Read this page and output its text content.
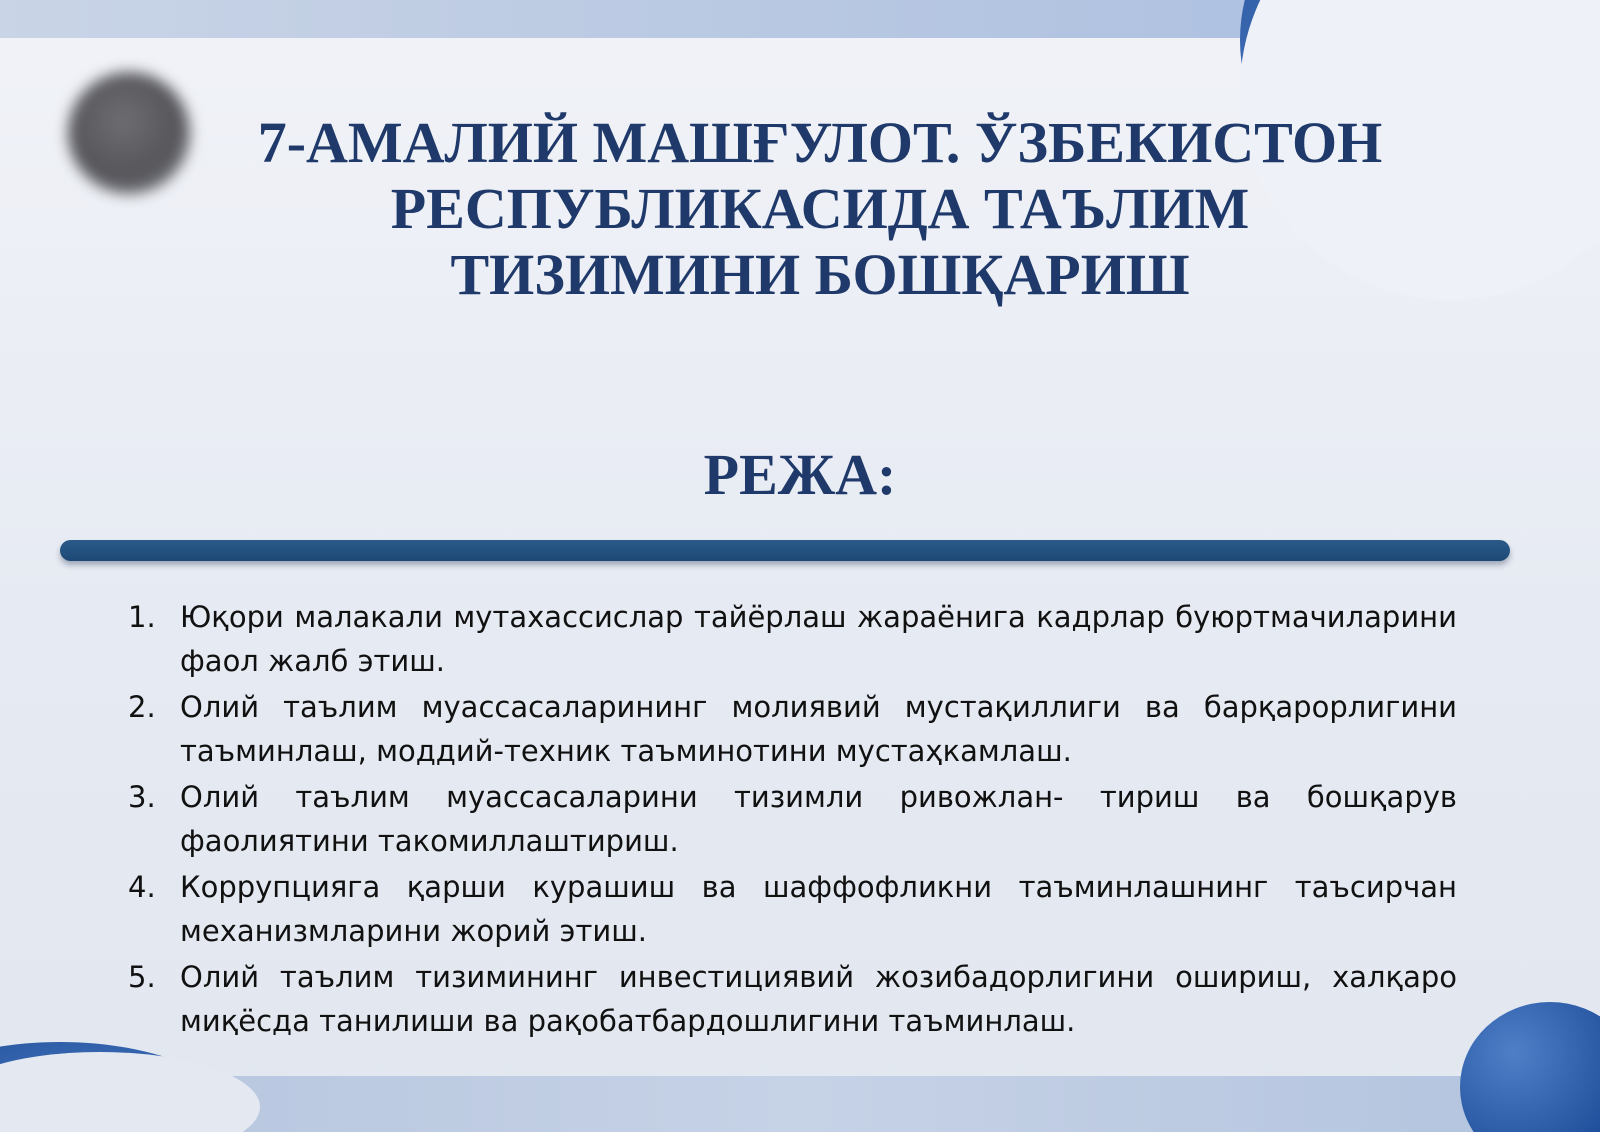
7-АМАЛИЙ МАШҒУЛОТ. ЎЗБЕКИСТОН
РЕСПУБЛИКАСИДА ТАЪЛИМ
ТИЗИМИНИ БОШҚАРИШ
РЕЖА:
1. Юқори малакали мутахассислар тайёрлаш жараёнига кадрлар буюртмачиларини фаол жалб этиш.
2. Олий таълим муассасаларининг молиявий мустақиллиги ва барқарорлигини таъминлаш, моддий-техник таъминотини мустаҳкамлаш.
3. Олий таълим муассасаларини тизимли ривожлан- тириш ва бошқарув фаолиятини такомиллаштириш.
4. Коррупцияга қарши курашиш ва шаффофликни таъминлашнинг таъсирчан механизмларини жорий этиш.
5. Олий таълим тизимининг инвестициявий жозибадорлигини ошириш, халқаро миқёсда танилиши ва рақобатбардошлигини таъминлаш.
